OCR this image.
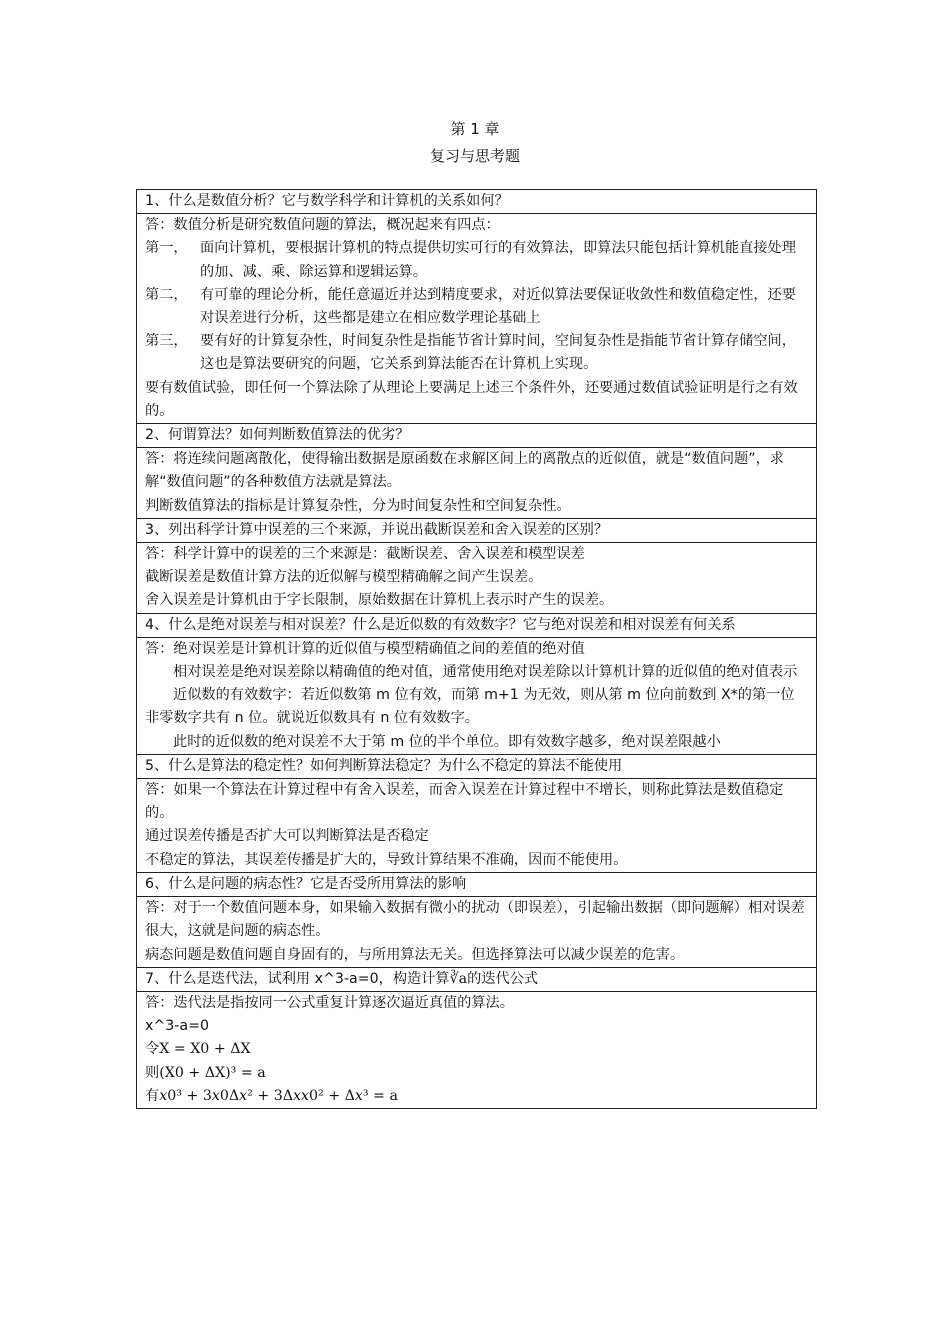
第 1 章
复习与思考题

1、什么是数值分析？它与数学科学和计算机的关系如何？

答：数值分析是研究数值问题的算法，概况起来有四点：

第一， 面向计算机，要根据计算机的特点提供切实可行的有效算法，即算法只能包括计算机能直接处理的加、减、乘、除运算和逻辑运算。

第二， 有可靠的理论分析，能任意逼近并达到精度要求，对近似算法要保证收敛性和数值稳定性，还要对误差进行分析，这些都是建立在相应数学理论基础上

第三， 要有好的计算复杂性，时间复杂性是指能节省计算时间，空间复杂性是指能节省计算存储空间，这也是算法要研究的问题，它关系到算法能否在计算机上实现。

要有数值试验，即任何一个算法除了从理论上要满足上述三个条件外，还要通过数值试验证明是行之有效的。

2、何谓算法？如何判断数值算法的优劣？

答：将连续问题离散化，使得输出数据是原函数在求解区间上的离散点的近似值，就是“数值问题”，求解“数值问题”的各种数值方法就是算法。

判断数值算法的指标是计算复杂性，分为时间复杂性和空间复杂性。

3、列出科学计算中误差的三个来源，并说出截断误差和舍入误差的区别？

答：科学计算中的误差的三个来源是：截断误差、舍入误差和模型误差

截断误差是数值计算方法的近似解与模型精确解之间产生误差。

舍入误差是计算机由于字长限制，原始数据在计算机上表示时产生的误差。

4、什么是绝对误差与相对误差？什么是近似数的有效数字？它与绝对误差和相对误差有何关系

答：绝对误差是计算机计算的近似值与模型精确值之间的差值的绝对值

相对误差是绝对误差除以精确值的绝对值，通常使用绝对误差除以计算机计算的近似值的绝对值表示

近似数的有效数字：若近似数第 m 位有效，而第 m+1 为无效，则从第 m 位向前数到 X*的第一位非零数字共有 n 位。就说近似数具有 n 位有效数字。

此时的近似数的绝对误差不大于第 m 位的半个单位。即有效数字越多，绝对误差限越小

5、什么是算法的稳定性？如何判断算法稳定？为什么不稳定的算法不能使用

答：如果一个算法在计算过程中有舍入误差，而舍入误差在计算过程中不增长，则称此算法是数值稳定的。

通过误差传播是否扩大可以判断算法是否稳定

不稳定的算法，其误差传播是扩大的，导致计算结果不准确，因而不能使用。

6、什么是问题的病态性？它是否受所用算法的影响

答：对于一个数值问题本身，如果输入数据有微小的扰动（即误差），引起输出数据（即问题解）相对误差很大，这就是问题的病态性。

病态问题是数值问题自身固有的，与所用算法无关。但选择算法可以减少误差的危害。

7、什么是迭代法，试利用 x^3-a=0，构造计算∛a的迭代公式

答：迭代法是指按同一公式重复计算逐次逼近真值的算法。

x^3-a=0

令X = X0 + ΔX

则(X0 + ΔX)³ = a

有𝑥0³ + 3𝑥0Δ𝑥² + 3Δ𝑥𝑥0² + Δ𝑥³ = a
